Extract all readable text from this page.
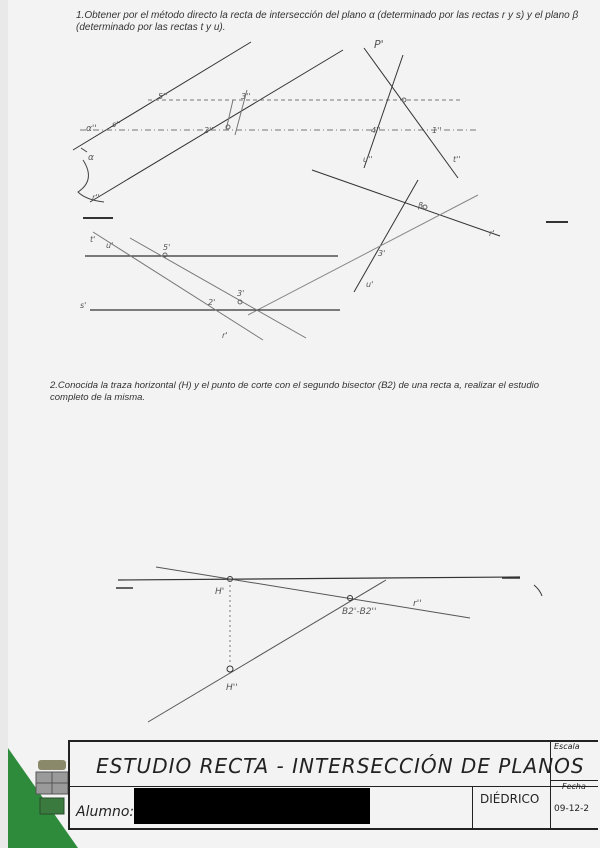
1.Obtener por el método directo la recta de intersección del plano α (determinado por las rectas r y s) y el plano β
(determinado por las rectas t y u).
2.Conocida la traza horizontal (H) y el punto de corte con el segundo bisector (B2) de una recta a, realizar el estudio
completo de la misma.
P'
5''	3''
s''
α''	2''	4''	1''
α	u''	t''
r''
β
r'
t'
u'	5'
3'
u'
3'
2'
s'
r'
H'
B2'-B2''
r''
H''
ESTUDIO RECTA - INTERSECCIÓN DE PLANOS
Alumno:
DIÉDRICO
Escala
Fecha
09-12-2
